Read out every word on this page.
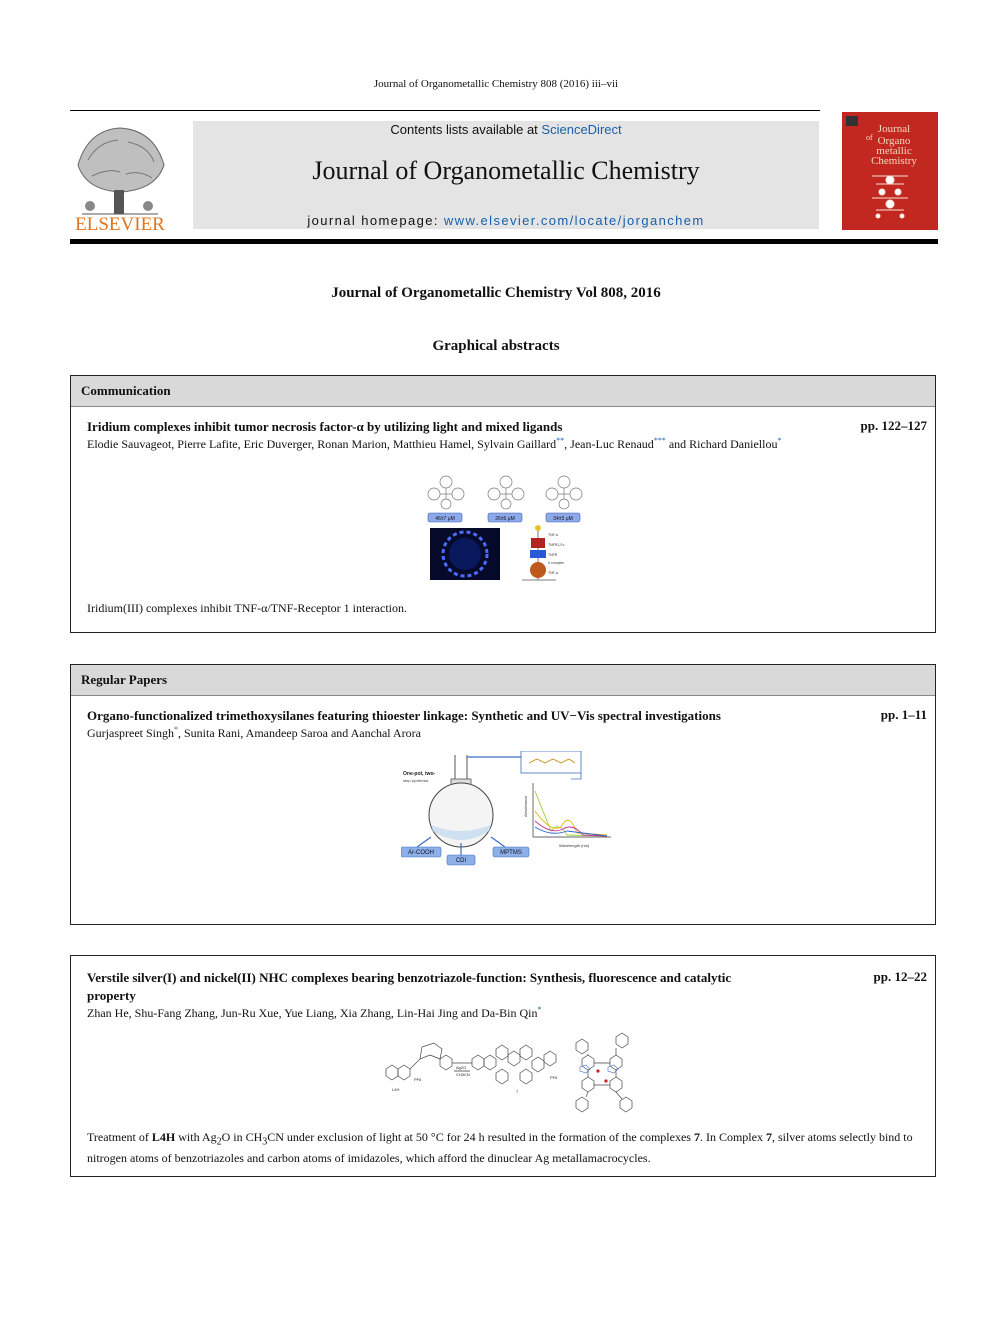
Journal of Organometallic Chemistry 808 (2016) iii–vii
ELSEVIER
Contents lists available at ScienceDirect
Journal of Organometallic Chemistry
journal homepage: www.elsevier.com/locate/jorganchem
Journal
of Organo
metallic
Chemistry
Journal of Organometallic Chemistry Vol 808, 2016
Graphical abstracts
Communication
Iridium complexes inhibit tumor necrosis factor-α by utilizing light and mixed ligands	pp. 122–127
Elodie Sauvageot, Pierre Lafite, Eric Duverger, Ronan Marion, Matthieu Hamel, Sylvain Gaillard**, Jean-Luc Renaud*** and Richard Daniellou*
46±7 μM	26±6 μM	34±3 μM
TNF-α
TNFR1-Fc
TNFR
Ir complex
TNF-α
Iridium(III) complexes inhibit TNF-α/TNF-Receptor 1 interaction.
Regular Papers
Organo-functionalized trimethoxysilanes featuring thioester linkage: Synthetic and UV−Vis spectral investigations	pp. 1–11
Gurjaspreet Singh*, Sunita Rani, Amandeep Saroa and Aanchal Arora
One-pot, two-
step synthesis
Ar-COOH
CDI
MPTMS
Wavelength (nm)
Absorbance
Verstile silver(I) and nickel(II) NHC complexes bearing benzotriazole-function: Synthesis, fluorescence and catalytic
property
pp. 12–22
Zhan He, Shu-Fang Zhang, Jun-Ru Xue, Yue Liang, Xia Zhang, Lin-Hai Jing and Da-Bin Qin*
Ag2O
CH3CN
L4H
PF6	PF6
7
Treatment of L4H with $Ag_2O$ in $CH_3CN$ under exclusion of light at 50 °C for 24 h resulted in the formation of the complexes 7. In Complex 7, silver atoms selectly bind to nitrogen atoms of benzotriazoles and carbon atoms of imidazoles, which afford the dinuclear Ag metallamacrocycles.
